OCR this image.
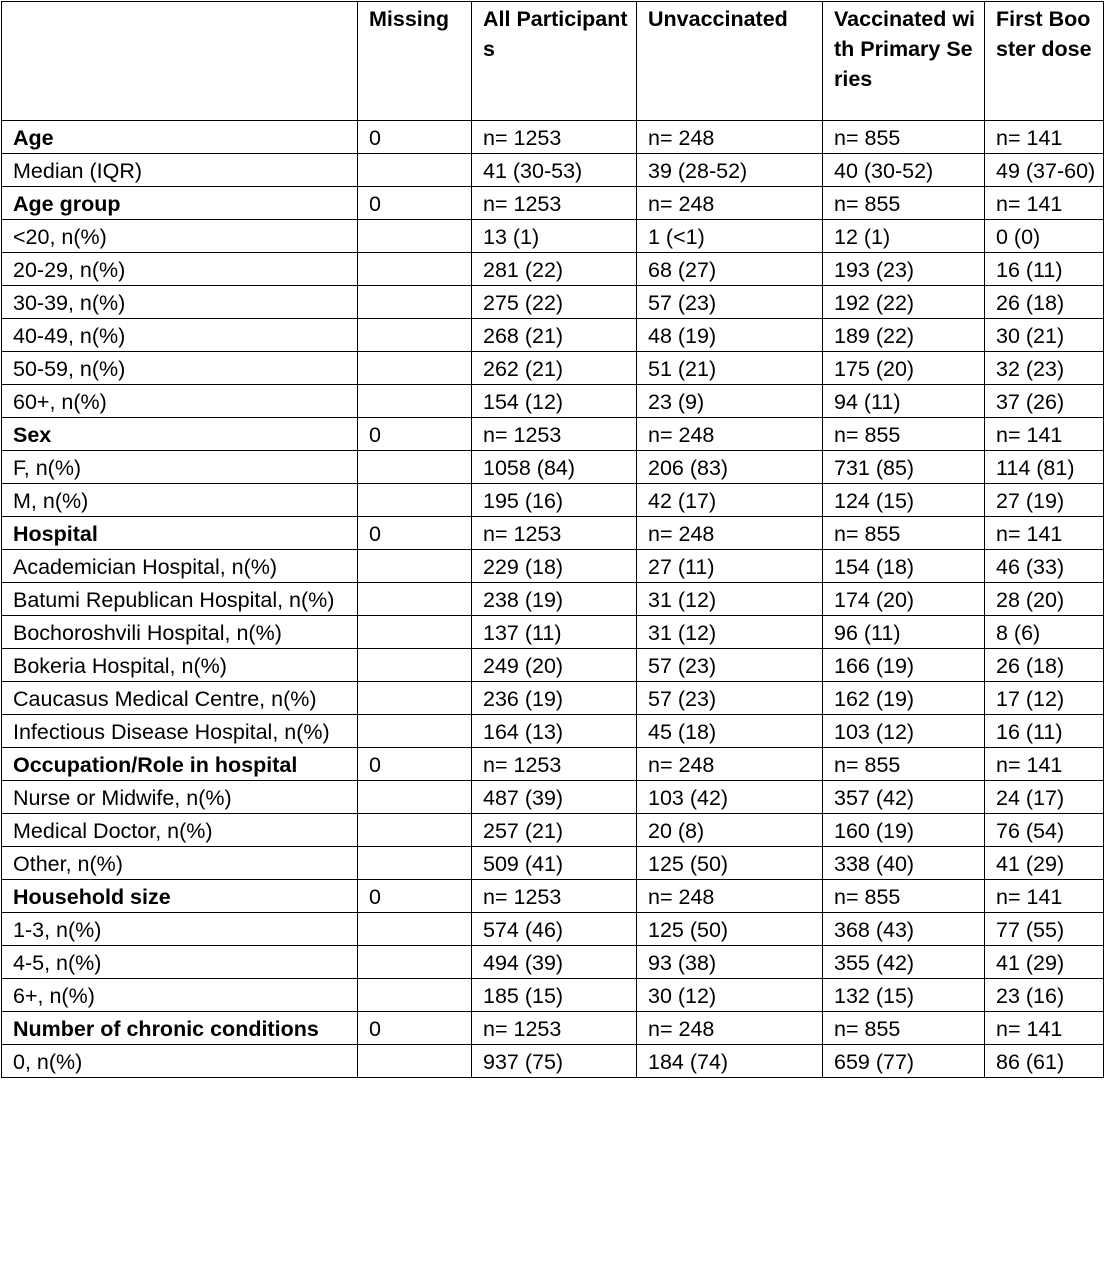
	Missing	All Participants	Unvaccinated	Vaccinated with Primary Series	First Booster dose
Age	0	n= 1253	n= 248	n= 855	n= 141
Median (IQR)		41 (30-53)	39 (28-52)	40 (30-52)	49 (37-60)
Age group	0	n= 1253	n= 248	n= 855	n= 141
<20, n(%)		13 (1)	1 (<1)	12 (1)	0 (0)
20-29, n(%)		281 (22)	68 (27)	193 (23)	16 (11)
30-39, n(%)		275 (22)	57 (23)	192 (22)	26 (18)
40-49, n(%)		268 (21)	48 (19)	189 (22)	30 (21)
50-59, n(%)		262 (21)	51 (21)	175 (20)	32 (23)
60+, n(%)		154 (12)	23 (9)	94 (11)	37 (26)
Sex	0	n= 1253	n= 248	n= 855	n= 141
F, n(%)		1058 (84)	206 (83)	731 (85)	114 (81)
M, n(%)		195 (16)	42 (17)	124 (15)	27 (19)
Hospital	0	n= 1253	n= 248	n= 855	n= 141
Academician Hospital, n(%)		229 (18)	27 (11)	154 (18)	46 (33)
Batumi Republican Hospital, n(%)		238 (19)	31 (12)	174 (20)	28 (20)
Bochoroshvili Hospital, n(%)		137 (11)	31 (12)	96 (11)	8 (6)
Bokeria Hospital, n(%)		249 (20)	57 (23)	166 (19)	26 (18)
Caucasus Medical Centre, n(%)		236 (19)	57 (23)	162 (19)	17 (12)
Infectious Disease Hospital, n(%)		164 (13)	45 (18)	103 (12)	16 (11)
Occupation/Role in hospital	0	n= 1253	n= 248	n= 855	n= 141
Nurse or Midwife, n(%)		487 (39)	103 (42)	357 (42)	24 (17)
Medical Doctor, n(%)		257 (21)	20 (8)	160 (19)	76 (54)
Other, n(%)		509 (41)	125 (50)	338 (40)	41 (29)
Household size	0	n= 1253	n= 248	n= 855	n= 141
1-3, n(%)		574 (46)	125 (50)	368 (43)	77 (55)
4-5, n(%)		494 (39)	93 (38)	355 (42)	41 (29)
6+, n(%)		185 (15)	30 (12)	132 (15)	23 (16)
Number of chronic conditions	0	n= 1253	n= 248	n= 855	n= 141
0, n(%)		937 (75)	184 (74)	659 (77)	86 (61)
